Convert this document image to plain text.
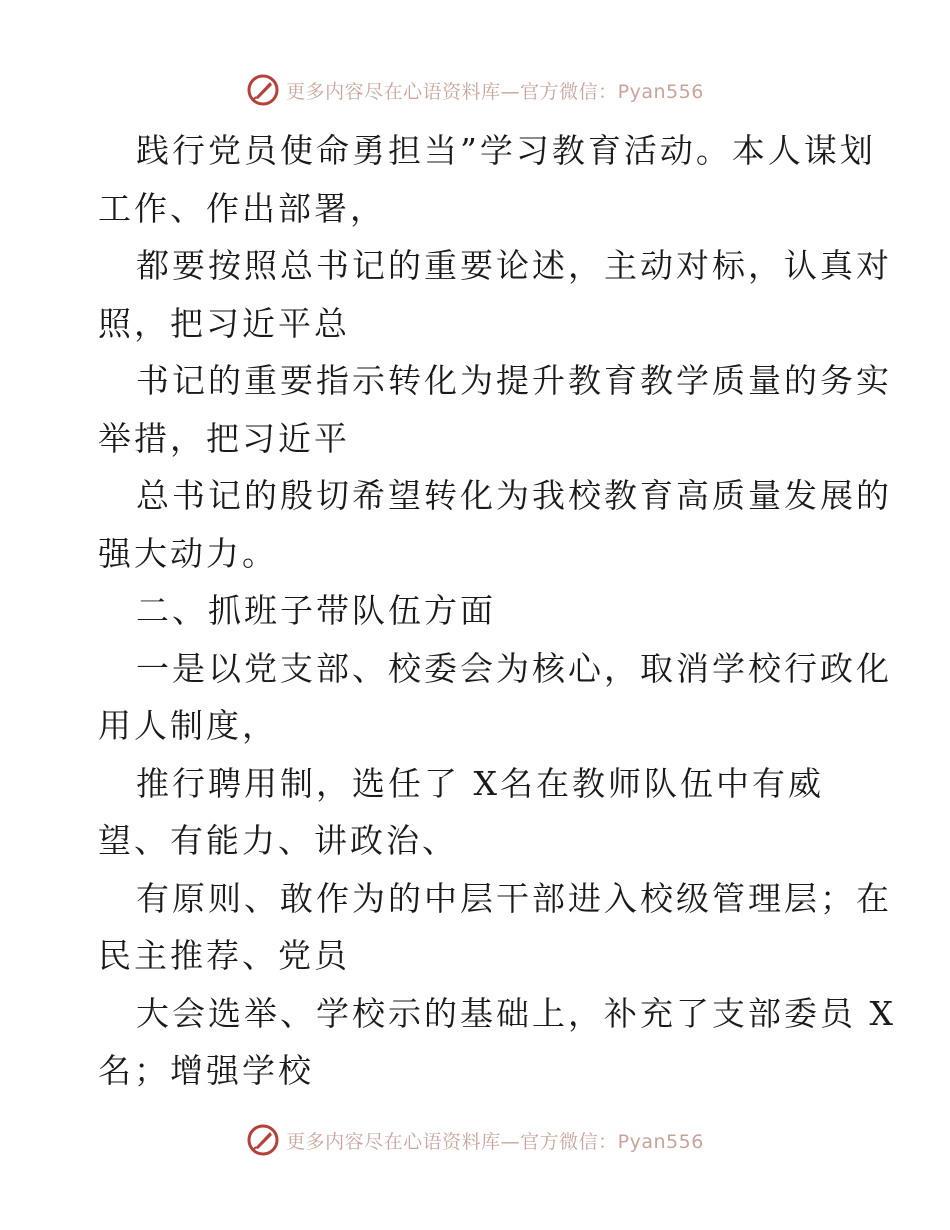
更多内容尽在心语资料库—官方微信：Pyan556
践行党员使命勇担当”学习教育活动。本人谋划
工作、作出部署，
都要按照总书记的重要论述，主动对标，认真对
照，把习近平总
书记的重要指示转化为提升教育教学质量的务实
举措，把习近平
总书记的殷切希望转化为我校教育高质量发展的
强大动力。
二、抓班子带队伍方面
一是以党支部、校委会为核心，取消学校行政化
用人制度，
推行聘用制，选任了 X名在教师队伍中有威
望、有能力、讲政治、
有原则、敢作为的中层干部进入校级管理层；在
民主推荐、党员
大会选举、学校示的基础上，补充了支部委员 X
名；增强学校
更多内容尽在心语资料库—官方微信：Pyan556
